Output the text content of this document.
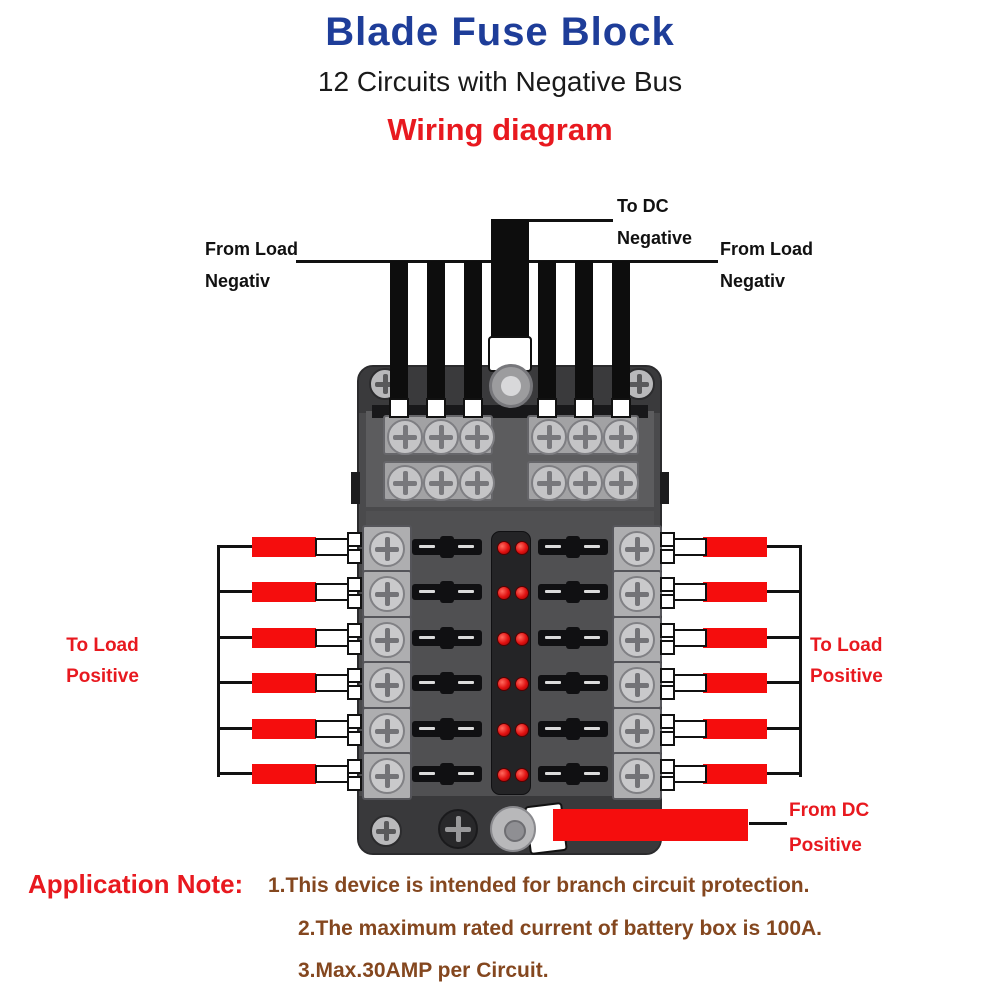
Blade Fuse Block
12 Circuits with Negative Bus
Wiring diagram
To DC
Negative
From Load
Negativ
From Load
Negativ
To Load
Positive
To Load
Positive
From DC
Positive
Application Note: 1.This device is intended for branch circuit protection.
2.The maximum rated current of battery box is 100A.
3.Max.30AMP per Circuit.
